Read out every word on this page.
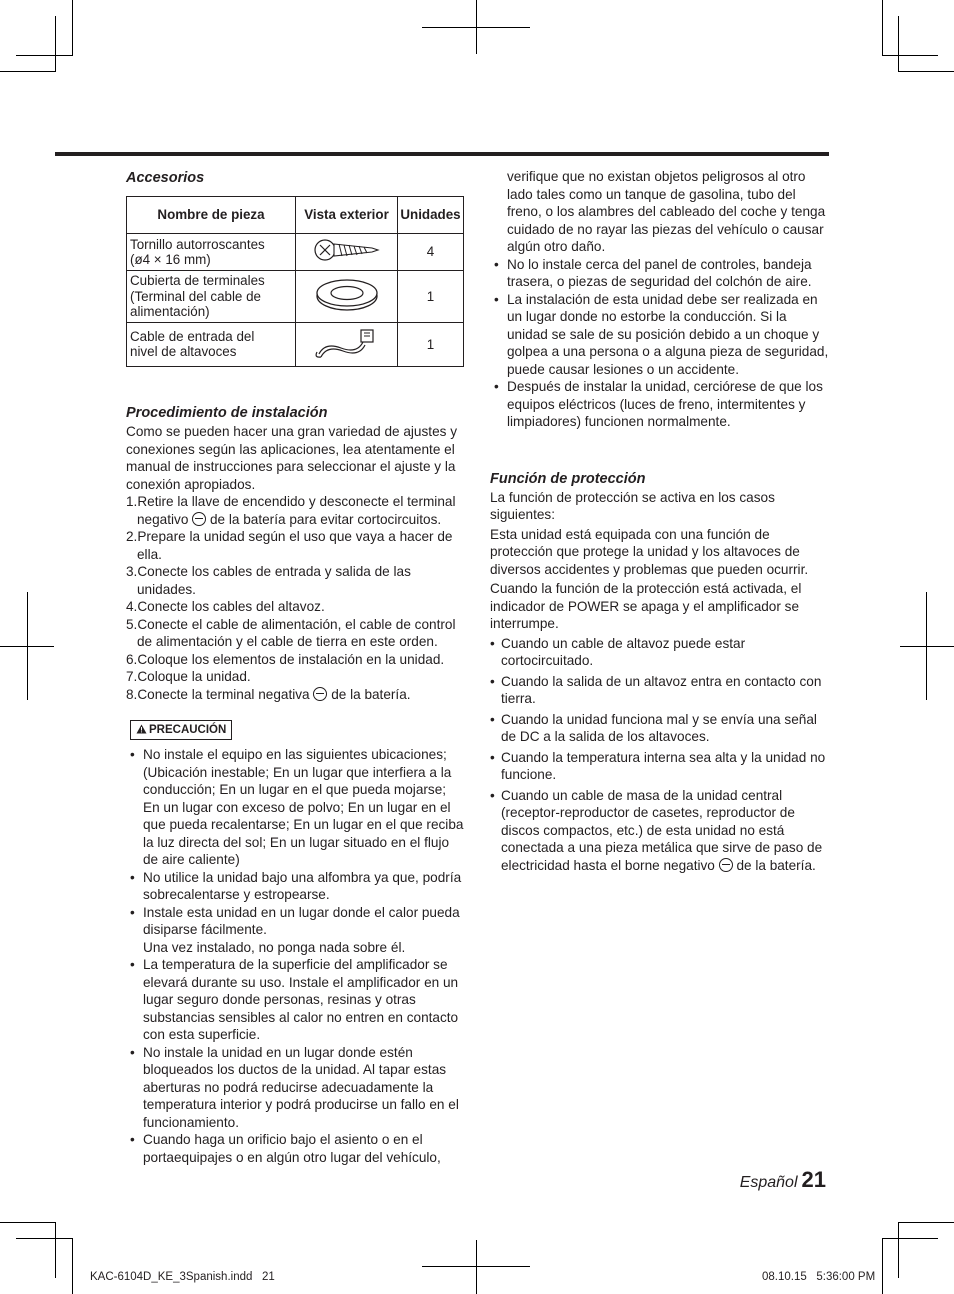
Accesorios
Nombre de pieza	Vista exterior	Unidades
Tornillo autorroscantes
(ø4 × 16 mm)		4
Cubierta de terminales
(Terminal del cable de
alimentación)		1
Cable de entrada del
nivel de altavoces		1
Procedimiento de instalación

Como se pueden hacer una gran variedad de ajustes y conexiones según las aplicaciones, lea atentamente el manual de instrucciones para seleccionar el ajuste y la conexión apropiados.

1.Retire la llave de encendido y desconecte el terminal negativo de la batería para evitar cortocircuitos.
2.Prepare la unidad según el uso que vaya a hacer de ella.
3.Conecte los cables de entrada y salida de las unidades.
4.Conecte los cables del altavoz.
5.Conecte el cable de alimentación, el cable de control de alimentación y el cable de tierra en este orden.
6.Coloque los elementos de instalación en la unidad.
7.Coloque la unidad.
8.Conecte la terminal negativa de la batería.
PRECAUCIÓN
• No instale el equipo en las siguientes ubicaciones; (Ubicación inestable; En un lugar que interfiera a la conducción; En un lugar en el que pueda mojarse; En un lugar con exceso de polvo; En un lugar en el que pueda recalentarse; En un lugar en el que reciba la luz directa del sol; En un lugar situado en el flujo de aire caliente)
• No utilice la unidad bajo una alfombra ya que, podría sobrecalentarse y estropearse.
• Instale esta unidad en un lugar donde el calor pueda disiparse fácilmente.
Una vez instalado, no ponga nada sobre él.
• La temperatura de la superficie del amplificador se elevará durante su uso. Instale el amplificador en un lugar seguro donde personas, resinas y otras substancias sensibles al calor no entren en contacto con esta superficie.
• No instale la unidad en un lugar donde estén bloqueados los ductos de la unidad. Al tapar estas aberturas no podrá reducirse adecuadamente la temperatura interior y podrá producirse un fallo en el funcionamiento.
• Cuando haga un orificio bajo el asiento o en el portaequipajes o en algún otro lugar del vehículo,
verifique que no existan objetos peligrosos al otro lado tales como un tanque de gasolina, tubo del freno, o los alambres del cableado del coche y tenga cuidado de no rayar las piezas del vehículo o causar algún otro daño.
• No lo instale cerca del panel de controles, bandeja trasera, o piezas de seguridad del colchón de aire.
• La instalación de esta unidad debe ser realizada en un lugar donde no estorbe la conducción. Si la unidad se sale de su posición debido a un choque y golpea a una persona o a alguna pieza de seguridad, puede causar lesiones o un accidente.
• Después de instalar la unidad, cerciórese de que los equipos eléctricos (luces de freno, intermitentes y limpiadores) funcionen normalmente.
Función de protección

La función de protección se activa en los casos siguientes:

Esta unidad está equipada con una función de protección que protege la unidad y los altavoces de diversos accidentes y problemas que pueden ocurrir.

Cuando la función de la protección está activada, el indicador de POWER se apaga y el amplificador se interrumpe.

• Cuando un cable de altavoz puede estar cortocircuitado.
• Cuando la salida de un altavoz entra en contacto con tierra.
• Cuando la unidad funciona mal y se envía una señal de DC a la salida de los altavoces.
• Cuando la temperatura interna sea alta y la unidad no funcione.
• Cuando un cable de masa de la unidad central (receptor-reproductor de casetes, reproductor de discos compactos, etc.) de esta unidad no está conectada a una pieza metálica que sirve de paso de electricidad hasta el borne negativo de la batería.
Español 21
KAC-6104D_KE_3Spanish.indd   21	08.10.15   5:36:00 PM
